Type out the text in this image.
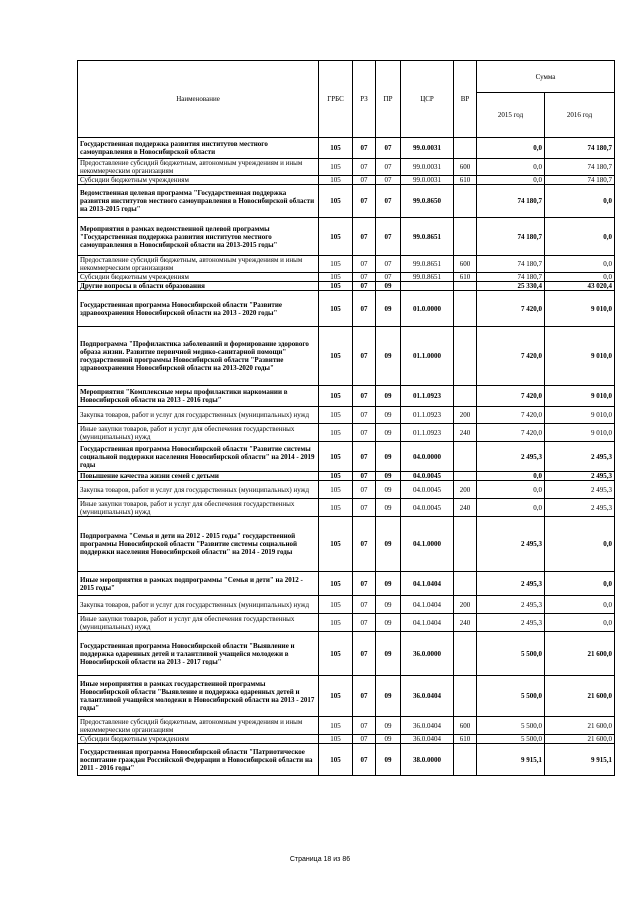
Наименование	ГРБС	РЗ	ПР	ЦСР	ВР	Сумма	
						2015 год	2016 год
Государственная поддержка развития институтов местного самоуправления в Новосибирской области	105	07	07	99.0.0031		0,0	74 180,7
Предоставление субсидий бюджетным, автономным учреждениям и иным некоммерческим организациям	105	07	07	99.0.0031	600	0,0	74 180,7
Субсидии бюджетным учреждениям	105	07	07	99.0.0031	610	0,0	74 180,7
Ведомственная целевая программа "Государственная поддержка развития институтов местного самоуправления в Новосибирской области на 2013-2015 годы"	105	07	07	99.0.8650		74 180,7	0,0
Мероприятия в рамках ведомственной целевой программы "Государственная поддержка развития институтов местного самоуправления в Новосибирской области на 2013-2015 годы"	105	07	07	99.0.8651		74 180,7	0,0
Предоставление субсидий бюджетным, автономным учреждениям и иным некоммерческим организациям	105	07	07	99.0.8651	600	74 180,7	0,0
Субсидии бюджетным учреждениям	105	07	07	99.0.8651	610	74 180,7	0,0
Другие вопросы в области образования	105	07	09			25 330,4	43 020,4
Государственная программа Новосибирской области "Развитие здравоохранения Новосибирской области на 2013 - 2020 годы"	105	07	09	01.0.0000		7 420,0	9 010,0
Подпрограмма "Профилактика заболеваний и формирование здорового образа жизни. Развитие первичной медико-санитарной помощи" государственной программы Новосибирской области "Развитие здравоохранения Новосибирской области на 2013-2020 годы"	105	07	09	01.1.0000		7 420,0	9 010,0
Мероприятия "Комплексные меры профилактики наркомании в Новосибирской области на 2013 - 2016 годы"	105	07	09	01.1.0923		7 420,0	9 010,0
Закупка товаров, работ и услуг для государственных (муниципальных) нужд	105	07	09	01.1.0923	200	7 420,0	9 010,0
Иные закупки товаров, работ и услуг для обеспечения государственных (муниципальных) нужд	105	07	09	01.1.0923	240	7 420,0	9 010,0
Государственная программа Новосибирской области "Развитие системы социальной поддержки населения Новосибирской области" на 2014 - 2019 годы	105	07	09	04.0.0000		2 495,3	2 495,3
Повышение качества жизни семей с детьми	105	07	09	04.0.0045		0,0	2 495,3
Закупка товаров, работ и услуг для государственных (муниципальных) нужд	105	07	09	04.0.0045	200	0,0	2 495,3
Иные закупки товаров, работ и услуг для обеспечения государственных (муниципальных) нужд	105	07	09	04.0.0045	240	0,0	2 495,3
Подпрограмма "Семья и дети на 2012 - 2015 годы" государственной программы Новосибирской области "Развитие системы социальной поддержки населения Новосибирской области" на 2014 - 2019 годы	105	07	09	04.1.0000		2 495,3	0,0
Иные мероприятия в рамках подпрограммы "Семья и дети" на 2012 - 2015 годы"	105	07	09	04.1.0404		2 495,3	0,0
Закупка товаров, работ и услуг для государственных (муниципальных) нужд	105	07	09	04.1.0404	200	2 495,3	0,0
Иные закупки товаров, работ и услуг для обеспечения государственных (муниципальных) нужд	105	07	09	04.1.0404	240	2 495,3	0,0
Государственная программа Новосибирской области "Выявление и поддержка одаренных детей и талантливой учащейся молодежи в Новосибирской области на 2013 - 2017 годы"	105	07	09	36.0.0000		5 500,0	21 600,0
Иные мероприятия в рамках государственной программы Новосибирской области "Выявление и поддержка одаренных детей и талантливой учащейся молодежи в Новосибирской области на 2013 - 2017 годы"	105	07	09	36.0.0404		5 500,0	21 600,0
Предоставление субсидий бюджетным, автономным учреждениям и иным некоммерческим организациям	105	07	09	36.0.0404	600	5 500,0	21 600,0
Субсидии бюджетным учреждениям	105	07	09	36.0.0404	610	5 500,0	21 600,0
Государственная программа Новосибирской области "Патриотическое воспитание граждан Российской Федерации в Новосибирской области на 2011 - 2016 годы"	105	07	09	38.0.0000		9 915,1	9 915,1
Страница 18 из 86
